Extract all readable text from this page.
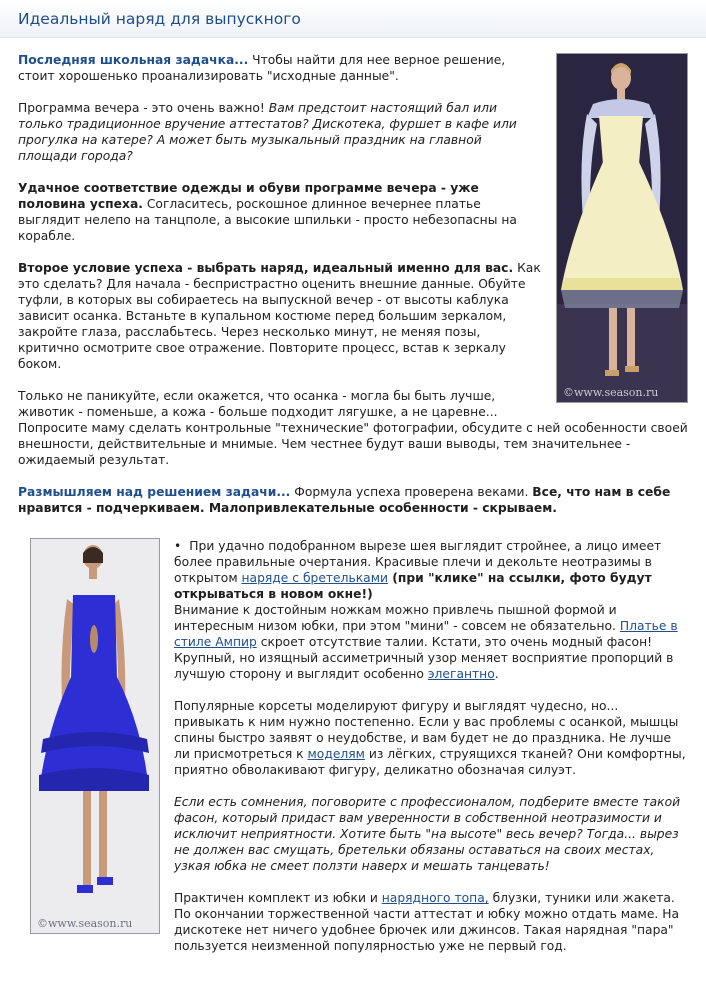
Идеальный наряд для выпускного
©www.season.ru

Последняя школьная задачка... Чтобы найти для нее верное решение, стоит хорошенько проанализировать "исходные данные".

Программа вечера - это очень важно! Вам предстоит настоящий бал или только традиционное вручение аттестатов? Дискотека, фуршет в кафе или прогулка на катере? А может быть музыкальный праздник на главной площади города?

Удачное соответствие одежды и обуви программе вечера - уже половина успеха. Согласитесь, роскошное длинное вечернее платье выглядит нелепо на танцполе, а высокие шпильки - просто небезопасны на корабле.

Второе условие успеха - выбрать наряд, идеальный именно для вас. Как это сделать? Для начала - беспристрастно оценить внешние данные. Обуйте туфли, в которых вы собираетесь на выпускной вечер - от высоты каблука зависит осанка. Встаньте в купальном костюме перед большим зеркалом, закройте глаза, расслабьтесь. Через несколько минут, не меняя позы, критично осмотрите свое отражение. Повторите процесс, встав к зеркалу боком.

Только не паникуйте, если окажется, что осанка - могла бы быть лучше, животик - поменьше, а кожа - больше подходит лягушке, а не царевне... Попросите маму сделать контрольные "технические" фотографии, обсудите с ней особенности своей внешности, действительные и мнимые. Чем честнее будут ваши выводы, тем значительнее - ожидаемый результат.

Размышляем над решением задачи... Формула успеха проверена веками. Все, что нам в себе нравится - подчеркиваем. Малопривлекательные особенности - скрываем.

©www.season.ru
• При удачно подобранном вырезе шея выглядит стройнее, а лицо имеет более правильные очертания. Красивые плечи и декольте неотразимы в открытом наряде с бретельками (при "клике" на ссылки, фото будут открываться в новом окне!)
Внимание к достойным ножкам можно привлечь пышной формой и интересным низом юбки, при этом "мини" - совсем не обязательно. Платье в стиле Ампир скроет отсутствие талии. Кстати, это очень модный фасон! Крупный, но изящный ассиметричный узор меняет восприятие пропорций в лучшую сторону и выглядит особенно элегантно.

Популярные корсеты моделируют фигуру и выглядят чудесно, но... привыкать к ним нужно постепенно. Если у вас проблемы с осанкой, мышцы спины быстро заявят о неудобстве, и вам будет не до праздника. Не лучше ли присмотреться к моделям из лёгких, струящихся тканей? Они комфортны, приятно обволакивают фигуру, деликатно обозначая силуэт.

Если есть сомнения, поговорите с профессионалом, подберите вместе такой фасон, который придаст вам уверенности в собственной неотразимости и исключит неприятности. Хотите быть "на высоте" весь вечер? Тогда... вырез не должен вас смущать, бретельки обязаны оставаться на своих местах, узкая юбка не смеет ползти наверх и мешать танцевать!

Практичен комплект из юбки и нарядного топа, блузки, туники или жакета. По окончании торжественной части аттестат и юбку можно отдать маме. На дискотеке нет ничего удобнее брючек или джинсов. Такая нарядная "пара" пользуется неизменной популярностью уже не первый год.
